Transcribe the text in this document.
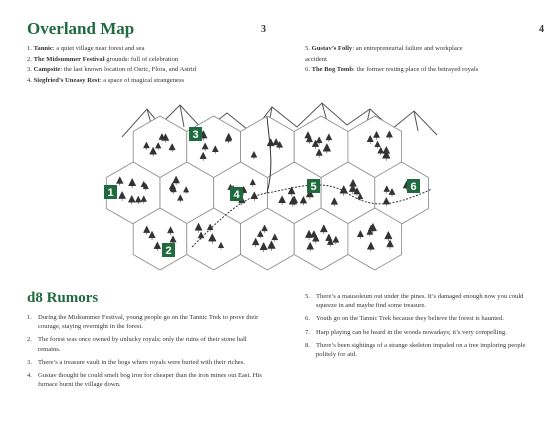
3	4
Overland Map
1. Tannic: a quiet village near forest and sea
2. The Midsummer Festival grounds: full of celebration
3. Campsite: the last known location of Osric, Flora, and Astrid
4. Siegfried’s Uneasy Rest: a space of magical strangeness
5. Gustav’s Folly: an entrepreneurial failure and workplace
accident
6. The Bog Tomb: the former resting place of the betrayed royals
1
2
3
4
5	6
d8 Rumors
1. During the Midsummer Festival, young people go on the Tannic Trek to prove their courage, staying overnight in the forest.
2. The forest was once owned by unlucky royals; only the ruins of their stone hall remains.
3. There’s a treasure vault in the bogs where royals were buried with their riches.
4. Gustav thought he could smelt bog iron for cheaper than the iron mines out East. His furnace burnt the village down.
5. There’s a mausoleum out under the pines. It’s damaged enough now you could squeeze in and maybe find some treasure.
6. Youth go on the Tannic Trek because they believe the forest is haunted.
7. Harp playing can be heard in the woods nowadays; it’s very compelling.
8. There’s been sightings of a strange skeleton impaled on a tree imploring people politely for aid.
